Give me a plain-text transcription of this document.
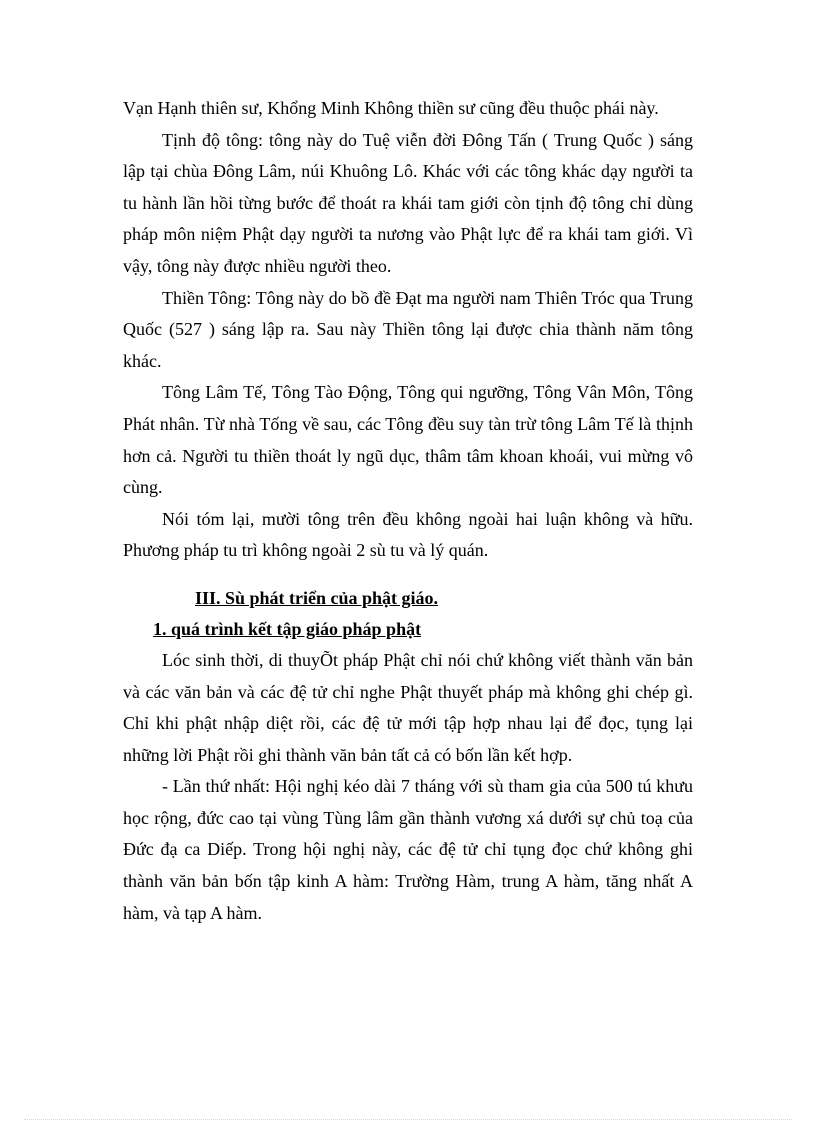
Vạn Hạnh thiên sư, Khổng Minh Không thiền sư cũng đều thuộc phái này.

Tịnh độ tông: tông này do Tuệ viễn đời Đông Tấn ( Trung Quốc ) sáng lập tại chùa Đông Lâm, núi Khuông Lô. Khác với các tông khác dạy người ta tu hành lần hồi từng bước để thoát ra khái tam giới còn tịnh độ tông chỉ dùng pháp môn niệm Phật dạy người ta nương vào Phật lực để ra khái tam giới. Vì vậy, tông này được nhiều người theo.

Thiền Tông: Tông này do bồ đề Đạt ma người nam Thiên Tróc qua Trung Quốc (527 ) sáng lập ra. Sau này Thiền tông lại được chia thành năm tông khác.

Tông Lâm Tế, Tông Tào Động, Tông qui ngưỡng, Tông Vân Môn, Tông Phát nhân. Từ nhà Tống về sau, các Tông đều suy tàn trừ tông Lâm Tế là thịnh hơn cả. Người tu thiền thoát ly ngũ dục, thâm tâm khoan khoái, vui mừng vô cùng.

Nói tóm lại, mười tông trên đều không ngoài hai luận không và hữu. Phương pháp tu trì không ngoài 2 sù tu và lý quán.

III. Sù phát triển của phật giáo.

1. quá trình kết tập giáo pháp phật

Lóc sinh thời, di thuyÕt pháp Phật chỉ nói chứ không viết thành văn bản và các văn bản và các đệ tử chỉ nghe Phật thuyết pháp mà không ghi chép gì. Chỉ khi phật nhập diệt rồi, các đệ tử mới tập hợp nhau lại để đọc, tụng lại những lời Phật rồi ghi thành văn bản tất cả có bốn lần kết hợp.

- Lần thứ nhất: Hội nghị kéo dài 7 tháng với sù tham gia của 500 tú khưu học rộng, đức cao tại vùng Tùng lâm gần thành vương xá dưới sự chủ toạ của Đức đạ ca Diếp. Trong hội nghị này, các đệ tử chỉ tụng đọc chứ không ghi thành văn bản bốn tập kinh A hàm: Trường Hàm, trung A hàm, tăng nhất A hàm, và tạp A hàm.
